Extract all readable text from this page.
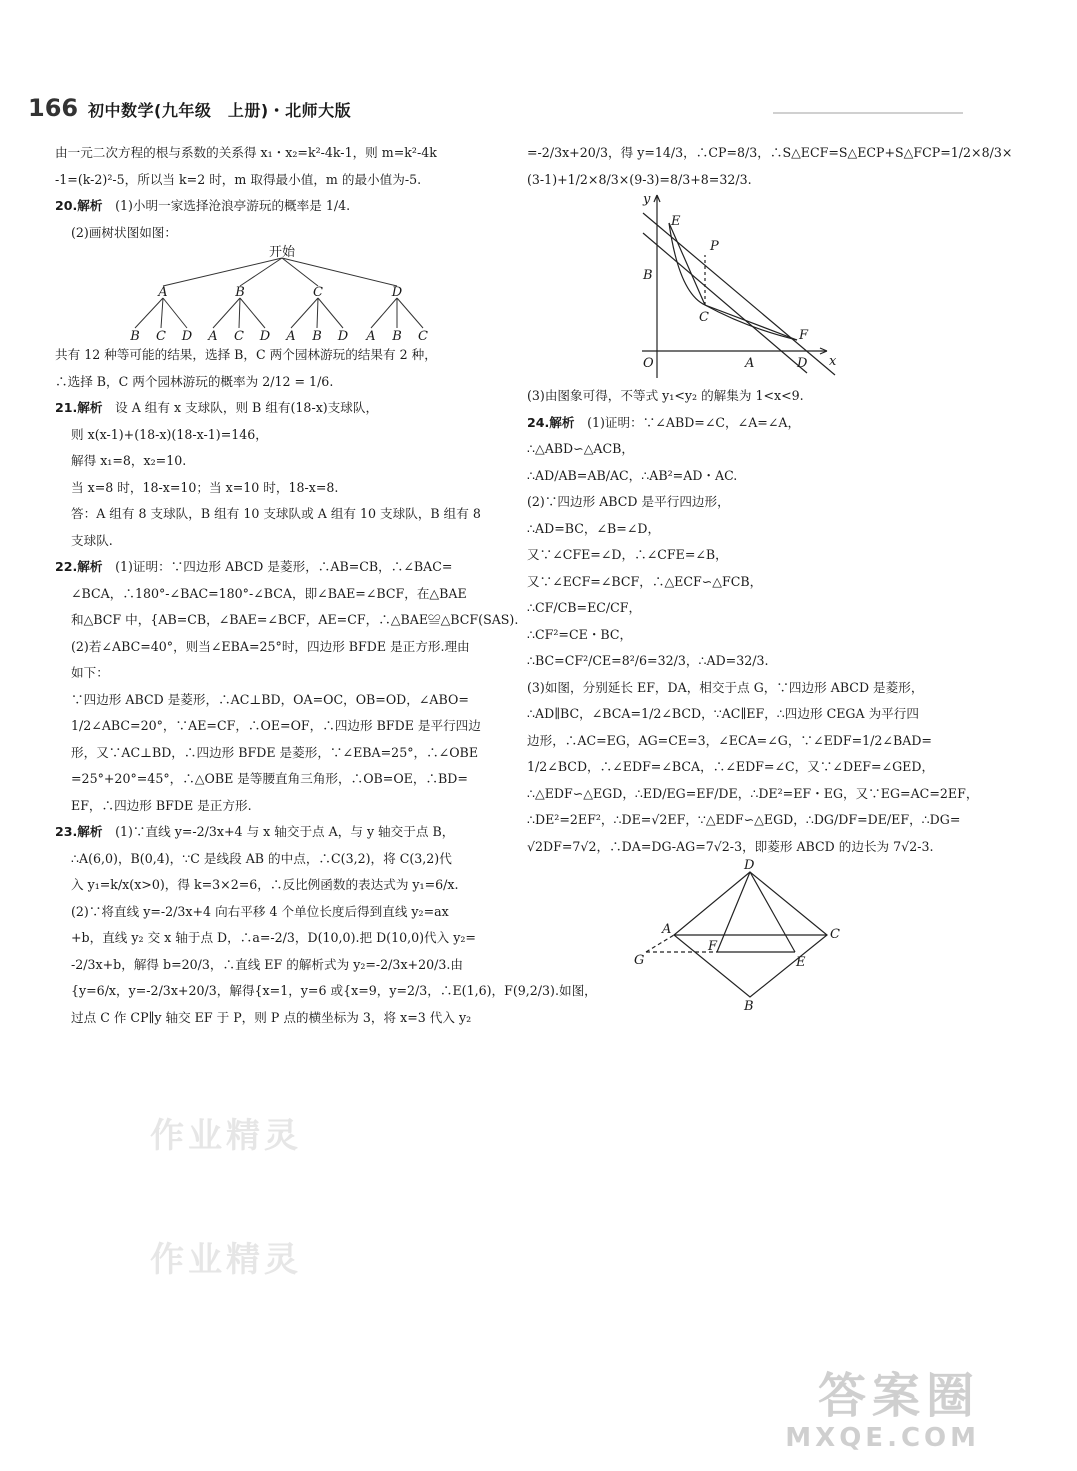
166 初中数学(九年级　上册)・北师大版

由一元二次方程的根与系数的关系得 x₁・x₂=k²-4k-1，则 m=k²-4k

-1=(k-2)²-5，所以当 k=2 时，m 取得最小值，m 的最小值为-5.

20.解析　 (1)小明一家选择沧浪亭游玩的概率是 1/4.

(2)画树状图如图：

开始
A	B	C	D
B C D A C D A B D A B C

共有 12 种等可能的结果，选择 B，C 两个园林游玩的结果有 2 种，

∴选择 B，C 两个园林游玩的概率为 2/12 = 1/6.

21.解析　 设 A 组有 x 支球队，则 B 组有(18-x)支球队，

则 x(x-1)+(18-x)(18-x-1)=146，

解得 x₁=8，x₂=10.

当 x=8 时，18-x=10；当 x=10 时，18-x=8.

答：A 组有 8 支球队，B 组有 10 支球队或 A 组有 10 支球队，B 组有 8

支球队.

22.解析　 (1)证明：∵四边形 ABCD 是菱形，∴AB=CB，∴∠BAC=

∠BCA，∴180°-∠BAC=180°-∠BCA，即∠BAE=∠BCF，在△BAE

和△BCF 中，{AB=CB，∠BAE=∠BCF，AE=CF，∴△BAE≌△BCF(SAS).

(2)若∠ABC=40°，则当∠EBA=25°时，四边形 BFDE 是正方形.理由

如下：

∵四边形 ABCD 是菱形，∴AC⊥BD，OA=OC，OB=OD，∠ABO=

1/2∠ABC=20°，∵AE=CF，∴OE=OF，∴四边形 BFDE 是平行四边

形，又∵AC⊥BD，∴四边形 BFDE 是菱形，∵∠EBA=25°，∴∠OBE

=25°+20°=45°，∴△OBE 是等腰直角三角形，∴OB=OE，∴BD=

EF，∴四边形 BFDE 是正方形.

23.解析　 (1)∵直线 y=-2/3x+4 与 x 轴交于点 A，与 y 轴交于点 B，

∴A(6,0)，B(0,4)，∵C 是线段 AB 的中点，∴C(3,2)，将 C(3,2)代

入 y₁=k/x(x>0)，得 k=3×2=6，∴反比例函数的表达式为 y₁=6/x.

(2)∵将直线 y=-2/3x+4 向右平移 4 个单位长度后得到直线 y₂=ax

+b，直线 y₂ 交 x 轴于点 D，∴a=-2/3，D(10,0).把 D(10,0)代入 y₂=

-2/3x+b，解得 b=20/3，∴直线 EF 的解析式为 y₂=-2/3x+20/3.由

{y=6/x，y=-2/3x+20/3，解得{x=1，y=6 或{x=9，y=2/3，∴E(1,6)，F(9,2/3).如图，

过点 C 作 CP∥y 轴交 EF 于 P，则 P 点的横坐标为 3，将 x=3 代入 y₂

=-2/3x+20/3，得 y=14/3，∴CP=8/3，∴S△ECF=S△ECP+S△FCP=1/2×8/3×

(3-1)+1/2×8/3×(9-3)=8/3+8=32/3.

y
x
O
E
P
B
C
F
A	D

(3)由图象可得，不等式 y₁<y₂ 的解集为 1<x<9.

24.解析　 (1)证明：∵∠ABD=∠C，∠A=∠A，

∴△ABD∽△ACB，

∴AD/AB=AB/AC，∴AB²=AD・AC.

(2)∵四边形 ABCD 是平行四边形，

∴AD=BC，∠B=∠D，

又∵∠CFE=∠D，∴∠CFE=∠B，

又∵∠ECF=∠BCF，∴△ECF∽△FCB，

∴CF/CB=EC/CF，

∴CF²=CE・BC，

∴BC=CF²/CE=8²/6=32/3，∴AD=32/3.

(3)如图，分别延长 EF，DA，相交于点 G，∵四边形 ABCD 是菱形，

∴AD∥BC，∠BCA=1/2∠BCD，∵AC∥EF，∴四边形 CEGA 为平行四

边形，∴AC=EG，AG=CE=3，∠ECA=∠G，∵∠EDF=1/2∠BAD=

1/2∠BCD，∴∠EDF=∠BCA，∴∠EDF=∠C，又∵∠DEF=∠GED，

∴△EDF∽△EGD，∴ED/EG=EF/DE，∴DE²=EF・EG，又∵EG=AC=2EF，

∴DE²=2EF²，∴DE=√2EF，∵△EDF∽△EGD，∴DG/DF=DE/EF，∴DG=

√2DF=7√2，∴DA=DG-AG=7√2-3，即菱形 ABCD 的边长为 7√2-3.

D
A	C
G
F
E
B
作业精灵
作业精灵
答案圈
MXQE.COM
